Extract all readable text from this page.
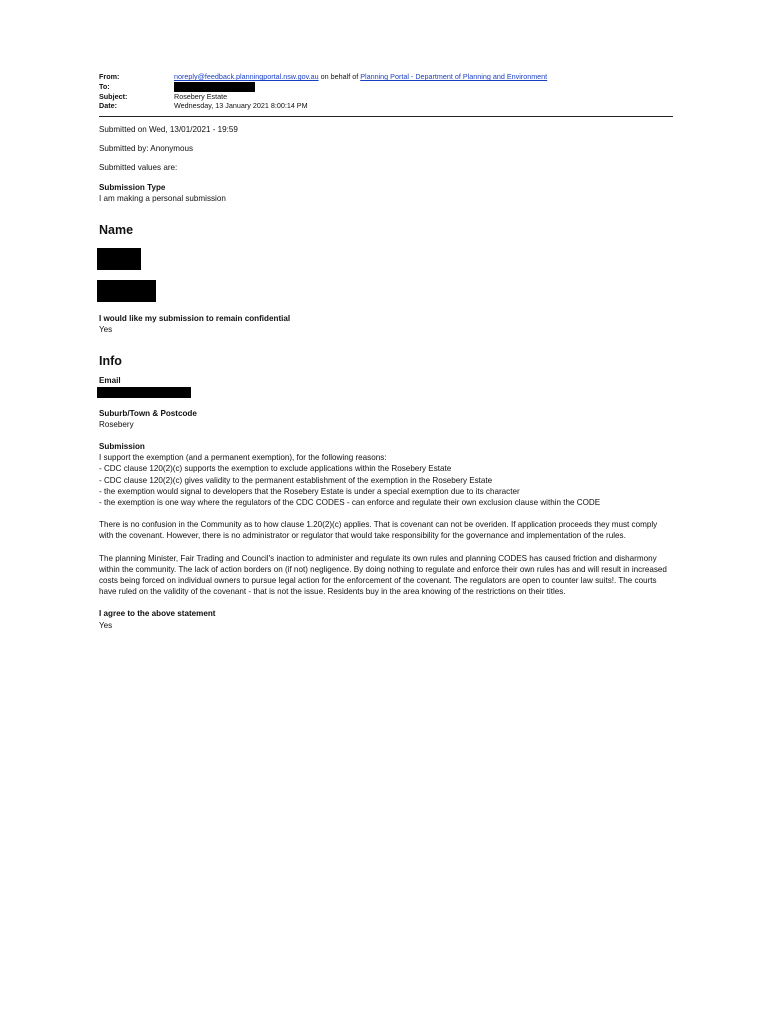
From:	noreply@feedback.planningportal.nsw.gov.au on behalf of Planning Portal - Department of Planning and Environment
To:
Subject:	Rosebery Estate
Date:	Wednesday, 13 January 2021 8:00:14 PM

Submitted on Wed, 13/01/2021 - 19:59

Submitted by: Anonymous

Submitted values are:

Submission Type

I am making a personal submission

Name

I would like my submission to remain confidential

Yes

Info

Email

Suburb/Town & Postcode

Rosebery

Submission

I support the exemption (and a permanent exemption), for the following reasons:

- CDC clause 120(2)(c) supports the exemption to exclude applications within the Rosebery Estate

- CDC clause 120(2)(c) gives validity to the permanent establishment of the exemption in the Rosebery Estate

- the exemption would signal to developers that the Rosebery Estate is under a special exemption due to its character

- the exemption is one way where the regulators of the CDC CODES - can enforce and regulate their own exclusion clause within the CODE

There is no confusion in the Community as to how clause 1.20(2)(c) applies. That is covenant can not be overiden. If application proceeds they must comply with the covenant. However, there is no administrator or regulator that would take responsibility for the governance and implementation of the rules.

The planning Minister, Fair Trading and Council's inaction to administer and regulate its own rules and planning CODES has caused friction and disharmony within the community. The lack of action borders on (if not) negligence. By doing nothing to regulate and enforce their own rules has and will result in increased costs being forced on individual owners to pursue legal action for the enforcement of the covenant. The regulators are open to counter law suits!. The courts have ruled on the validity of the covenant - that is not the issue. Residents buy in the area knowing of the restrictions on their titles.

I agree to the above statement

Yes
